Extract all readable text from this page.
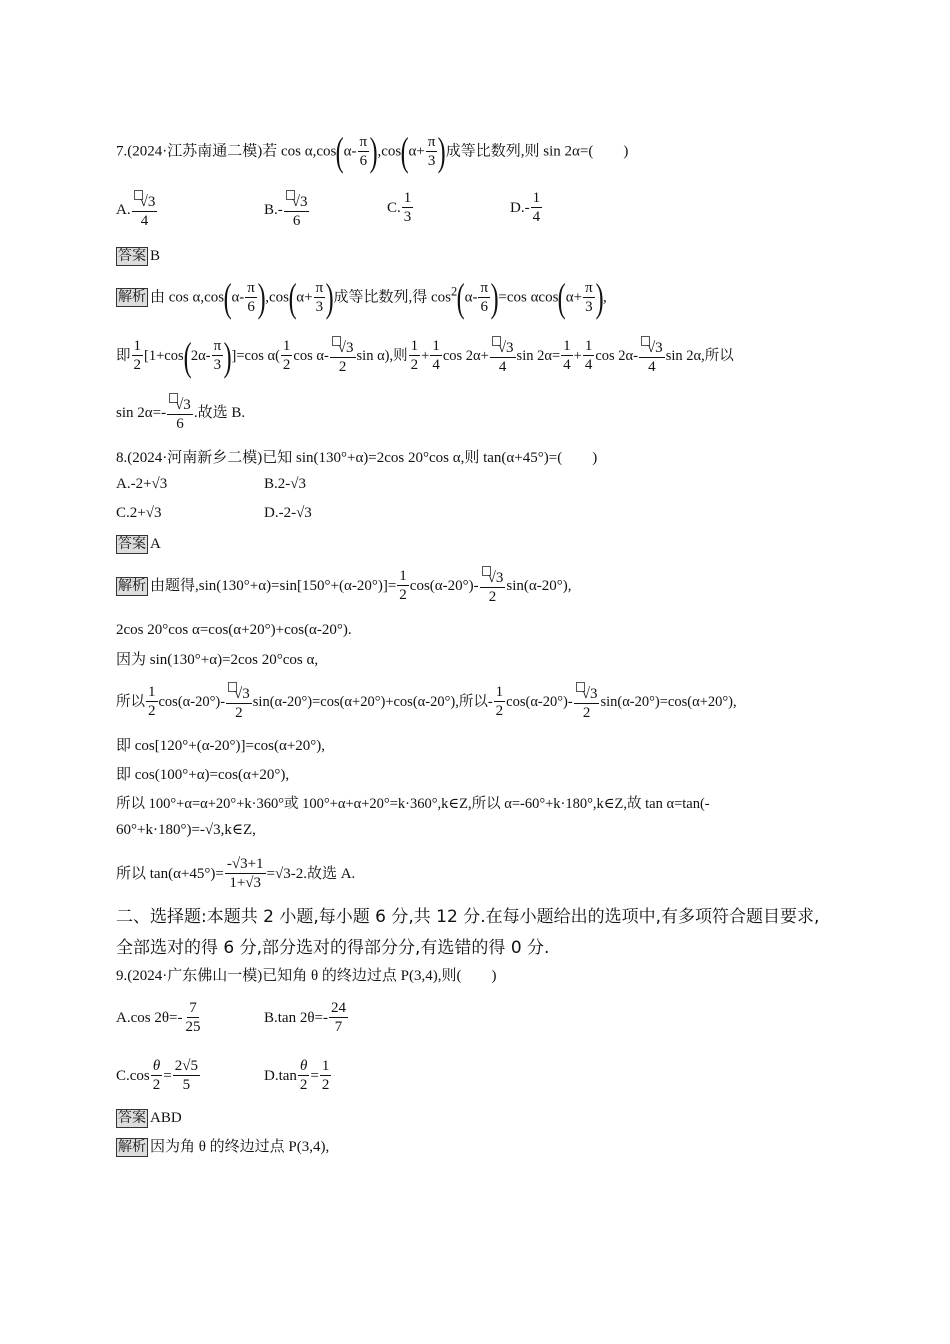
7.(2024·江苏南通二模)若 $\cos \alpha,\cos(\alpha- \frac{\pi}{6} ),\cos(\alpha+ \frac{\pi}{3}$ )成等比数列,则 sin 2α=(　　)
A. $\frac{√3}{4}$	$B.- \frac{√3}{6}$	C. $\frac{1}{3}$	$D.- \frac{1}{4}$
答案 B
解析 由 $\cos \alpha,\cos(\alpha- \frac{\pi}{6} ),\cos(\alpha+ \frac{\pi}{3}$ )成等比数列,得 $\cos^2(\alpha- \frac{\pi}{6} )=\cos$ $\alpha\cos(\alpha+ \frac{\pi}{3}$ ),
即 $\frac{1}{2} [1+\cos(2\alpha- \frac{\pi}{3} )]=\cos$ $\alpha( \frac{1}{2}$ $\cos \alpha- \frac{√3}{2}$ sin α),则 $\frac{1}{2} + \frac{1}{4}$ $\cos 2\alpha+ \frac{√3}{4}$ $\sin 2\alpha= \frac{1}{4} + \frac{1}{4}$ $\cos 2\alpha- \frac{√3}{4}$ sin 2α,所以
$\sin 2\alpha=- \frac{√3}{6}$ .故选 B.
8.(2024·河南新乡二模)已知 sin(130°+α)=2cos 20°cos α,则 tan(α+45°)=(　　)
A.-2+√3	B.2-√3
C.2+√3	D.-2-√3
答案 A
解析 由题得$,\sin(130^\circ+\alpha)=\sin[150^\circ+(\alpha-20^\circ)]= \frac{1}{2} \cos(\alpha-20^\circ)- \frac{√3}{2} \sin(\alpha-20^\circ)$,
2cos 20°cos α=cos(α+20°)+cos(α-20°).
因为 sin(130°+α)=2cos 20°cos α,
所以 $\frac{1}{2} \cos(\alpha-20^\circ)- \frac{√3}{2} \sin(\alpha-20^\circ)=\cos(\alpha+20^\circ)+\cos(\alpha-20^\circ)$,所以- $\frac{1}{2} \cos(\alpha-20^\circ)- \frac{√3}{2} \sin(\alpha-20^\circ)=\cos(\alpha+20^\circ)$,
即 cos[120°+(α-20°)]=cos(α+20°),
即 cos(100°+α)=cos(α+20°),
所以 100°+α=α+20°+k·360°或 100°+α+α+20°=k·360°,k∈Z,所以 α=-60°+k·180°,k∈Z,故 tan α=tan(-
60°+k·180°)=-√3,k∈Z,
所以 $\tan(\alpha+45^\circ)= \frac{-√3+1}{1+√3} =√3-2$.故选 A.
二、选择题:本题共 2 小题,每小题 6 分,共 12 分.在每小题给出的选项中,有多项符合题目要求,全部选对的得 6 分,部分选对的得部分分,有选错的得 0 分.
9.(2024·广东佛山一模)已知角 θ 的终边过点 P(3,4),则(　　)
A.cos $2\theta=- \frac{7}{25}$	B.tan $2\theta=- \frac{24}{7}$
$C.\cos \frac{\theta}{2} = \frac{2√5}{5}$	$D.\tan \frac{\theta}{2} = \frac{1}{2}$
答案 ABD
解析 因为角 θ 的终边过点 P(3,4),
